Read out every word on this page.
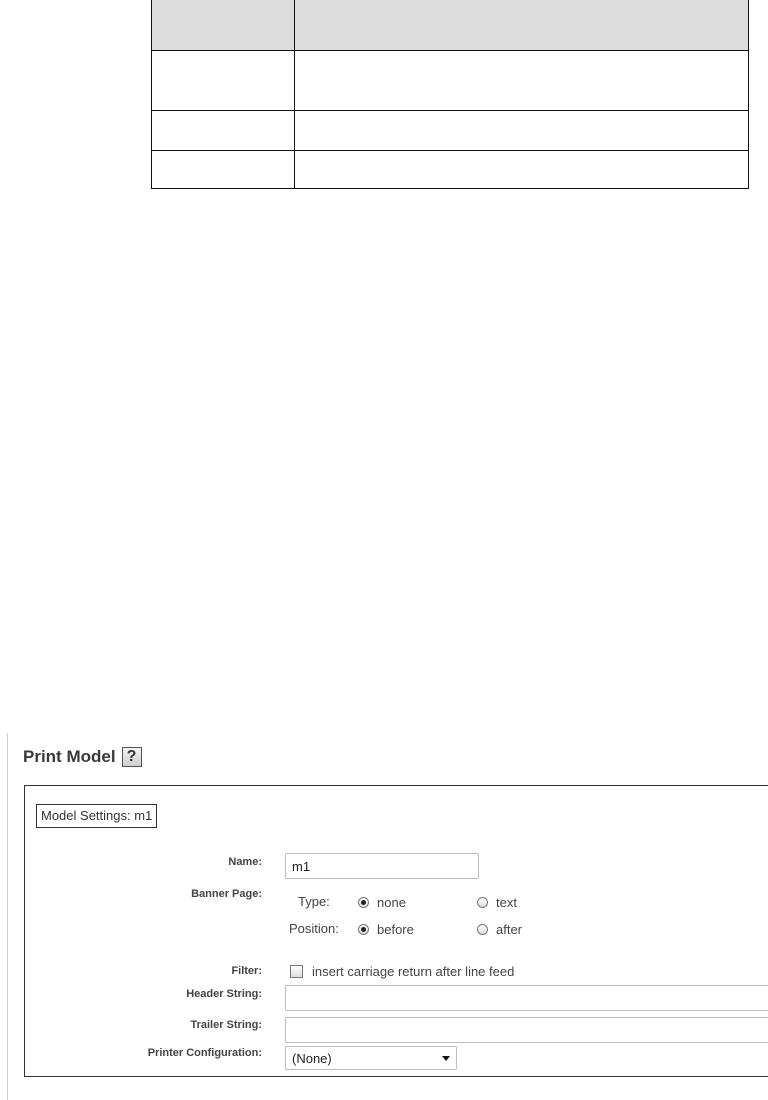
Print Model ?
Model Settings: m1
Name:
m1
Banner Page:	Type:	none	text
Position:	before	after
Filter:	insert carriage return after line feed
Header String:
Trailer String:
Printer Configuration: (None)
